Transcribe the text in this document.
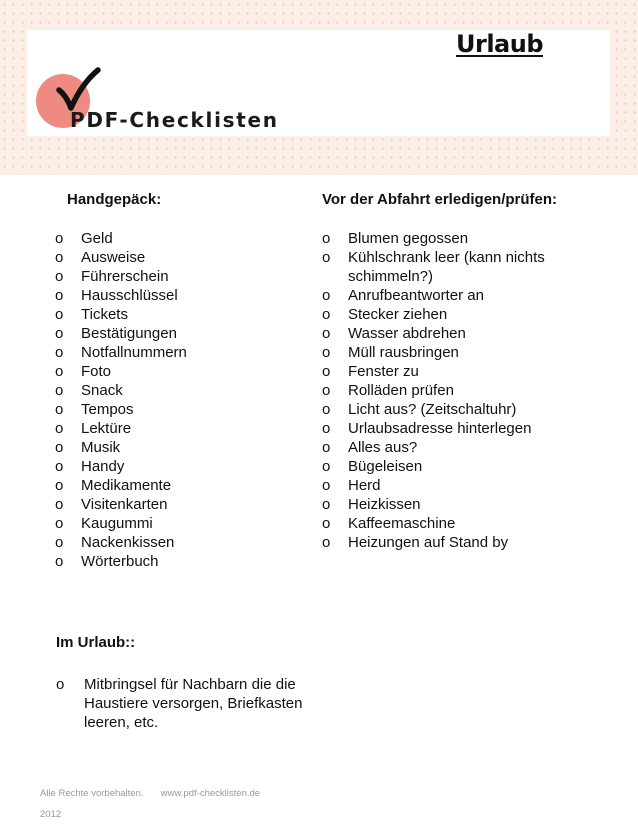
Urlaub
PDF-Checklisten
Handgepäck:
o	Geld
o	Ausweise
o	Führerschein
o	Hausschlüssel
o	Tickets
o	Bestätigungen
o	Notfallnummern
o	Foto
o	Snack
o	Tempos
o	Lektüre
o	Musik
o	Handy
o	Medikamente
o	Visitenkarten
o	Kaugummi
o	Nackenkissen
o	Wörterbuch
Vor der Abfahrt erledigen/prüfen:
o	Blumen gegossen
o	Kühlschrank leer (kann nichts schimmeln?)
o	Anrufbeantworter an
o	Stecker ziehen
o	Wasser abdrehen
o	Müll rausbringen
o	Fenster zu
o	Rolläden prüfen
o	Licht aus? (Zeitschaltuhr)
o	Urlaubsadresse hinterlegen
o	Alles aus?
o	Bügeleisen
o	Herd
o	Heizkissen
o	Kaffeemaschine
o	Heizungen auf Stand by
Im Urlaub::
o	Mitbringsel für Nachbarn die die Haustiere versorgen, Briefkasten leeren, etc.
Alle Rechte vorbehalten. www.pdf-checklisten.de
2012
